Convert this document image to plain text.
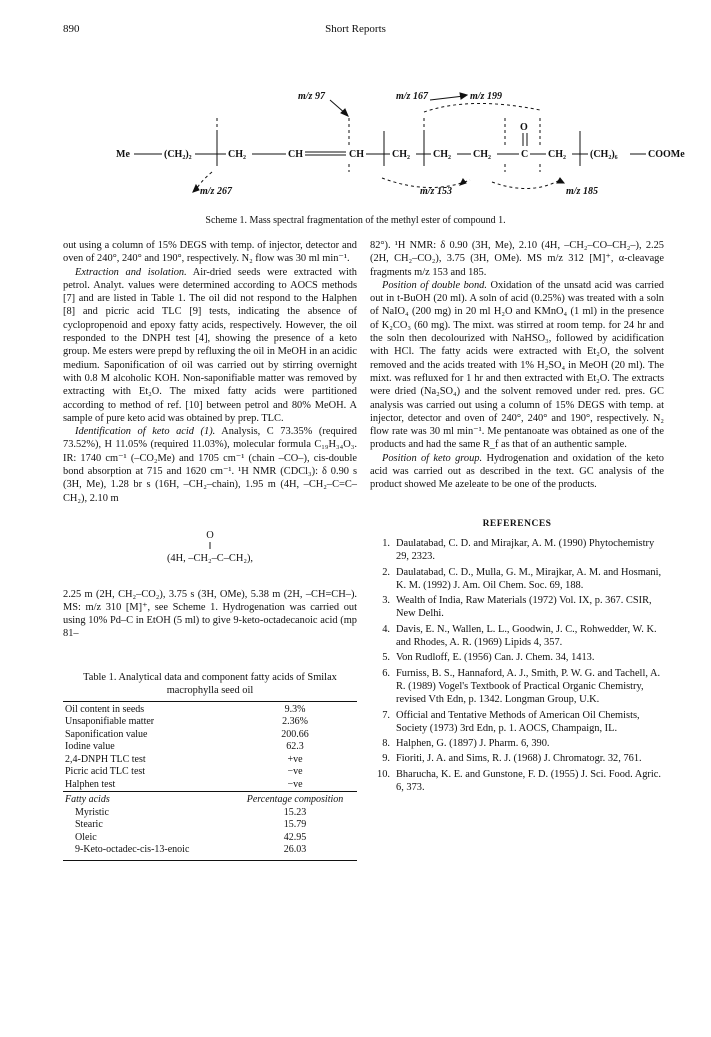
890	Short Reports
Me	(CH₂)₂	CH₂	CH	CH	CH₂ CH₂ CH₂	C CH₂ (CH₂)₆	COOMe
O
m/z 97	m/z 167	m/z 199
m/z 267	m/z 153	m/z 185
Scheme 1. Mass spectral fragmentation of the methyl ester of compound 1.

out using a column of 15% DEGS with temp. of injector, detector and oven of 240°, 240° and 190°, respectively. N₂ flow was 30 ml min⁻¹.

Extraction and isolation. Air-dried seeds were extracted with petrol. Analyt. values were determined according to AOCS methods [7] and are listed in Table 1. The oil did not respond to the Halphen [8] and picric acid TLC [9] tests, indicating the absence of cyclopropenoid and epoxy fatty acids, respectively. However, the oil responded to the DNPH test [4], showing the presence of a keto group. Me esters were prepd by refluxing the oil in MeOH in an acidic medium. Saponification of oil was carried out by stirring overnight with 0.8 M alcoholic KOH. Non-saponifiable matter was removed by extracting with Et₂O. The mixed fatty acids were partitioned according to method of ref. [10] between petrol and 80% MeOH. A sample of pure keto acid was obtained by prep. TLC.

Identification of keto acid (1). Analysis, C 73.35% (required 73.52%), H 11.05% (required 11.03%), molecular formula C₁₉H₃₄O₃. IR: 1740 cm⁻¹ (–CO₂Me) and 1705 cm⁻¹ (chain –CO–), cis-double bond absorption at 715 and 1620 cm⁻¹. ¹H NMR (CDCl₃): δ 0.90 s (3H, Me), 1.28 br s (16H, –CH₂–chain), 1.95 m (4H, –CH₂–C=C–CH₂), 2.10 m

O
‖
(4H, –CH₂–C–CH₂),

2.25 m (2H, CH₂–CO₂), 3.75 s (3H, OMe), 5.38 m (2H, –CH=CH–). MS: m/z 310 [M]⁺, see Scheme 1. Hydrogenation was carried out using 10% Pd–C in EtOH (5 ml) to give 9-keto-octadecanoic acid (mp 81–

Table 1. Analytical data and component fatty acids of Smilax macrophylla seed oil
Oil content in seeds	9.3%
Unsaponifiable matter	2.36%
Saponification value	200.66
Iodine value	62.3
2,4-DNPH TLC test	+ve
Picric acid TLC test	−ve
Halphen test	−ve
Fatty acids	Percentage composition
Myristic	15.23
Stearic	15.79
Oleic	42.95
9-Keto-octadec-cis-13-enoic	26.03

82°). ¹H NMR: δ 0.90 (3H, Me), 2.10 (4H, –CH₂–CO–CH₂–), 2.25 (2H, CH₂–CO₂), 3.75 (3H, OMe). MS m/z 312 [M]⁺, α-cleavage fragments m/z 153 and 185.

Position of double bond. Oxidation of the unsatd acid was carried out in t-BuOH (20 ml). A soln of acid (0.25%) was treated with a soln of NaIO₄ (200 mg) in 20 ml H₂O and KMnO₄ (1 ml) in the presence of K₂CO₃ (60 mg). The mixt. was stirred at room temp. for 24 hr and the soln then decolourized with NaHSO₃, followed by acidification with HCl. The fatty acids were extracted with Et₂O, the solvent removed and the acids treated with 1% H₂SO₄ in MeOH (20 ml). The mixt. was refluxed for 1 hr and then extracted with Et₂O. The extracts were dried (Na₂SO₄) and the solvent removed under red. pres. GC analysis was carried out using a column of 15% DEGS with temp. at injector, detector and oven of 240°, 240° and 190°, respectively. N₂ flow rate was 30 ml min⁻¹. Me pentanoate was obtained as one of the products and had the same R_f as that of an authentic sample.

Position of keto group. Hydrogenation and oxidation of the keto acid was carried out as described in the text. GC analysis of the product showed Me azeleate to be one of the products.

REFERENCES
1. Daulatabad, C. D. and Mirajkar, A. M. (1990) Phytochemistry 29, 2323.
2. Daulatabad, C. D., Mulla, G. M., Mirajkar, A. M. and Hosmani, K. M. (1992) J. Am. Oil Chem. Soc. 69, 188.
3. Wealth of India, Raw Materials (1972) Vol. IX, p. 367. CSIR, New Delhi.
4. Davis, E. N., Wallen, L. L., Goodwin, J. C., Rohwedder, W. K. and Rhodes, A. R. (1969) Lipids 4, 357.
5. Von Rudloff, E. (1956) Can. J. Chem. 34, 1413.
6. Furniss, B. S., Hannaford, A. J., Smith, P. W. G. and Tachell, A. R. (1989) Vogel's Textbook of Practical Organic Chemistry, revised Vth Edn, p. 1342. Longman Group, U.K.
7. Official and Tentative Methods of American Oil Chemists, Society (1973) 3rd Edn, p. 1. AOCS, Champaign, IL.
8. Halphen, G. (1897) J. Pharm. 6, 390.
9. Fioriti, J. A. and Sims, R. J. (1968) J. Chromatogr. 32, 761.
10. Bharucha, K. E. and Gunstone, F. D. (1955) J. Sci. Food. Agric. 6, 373.
